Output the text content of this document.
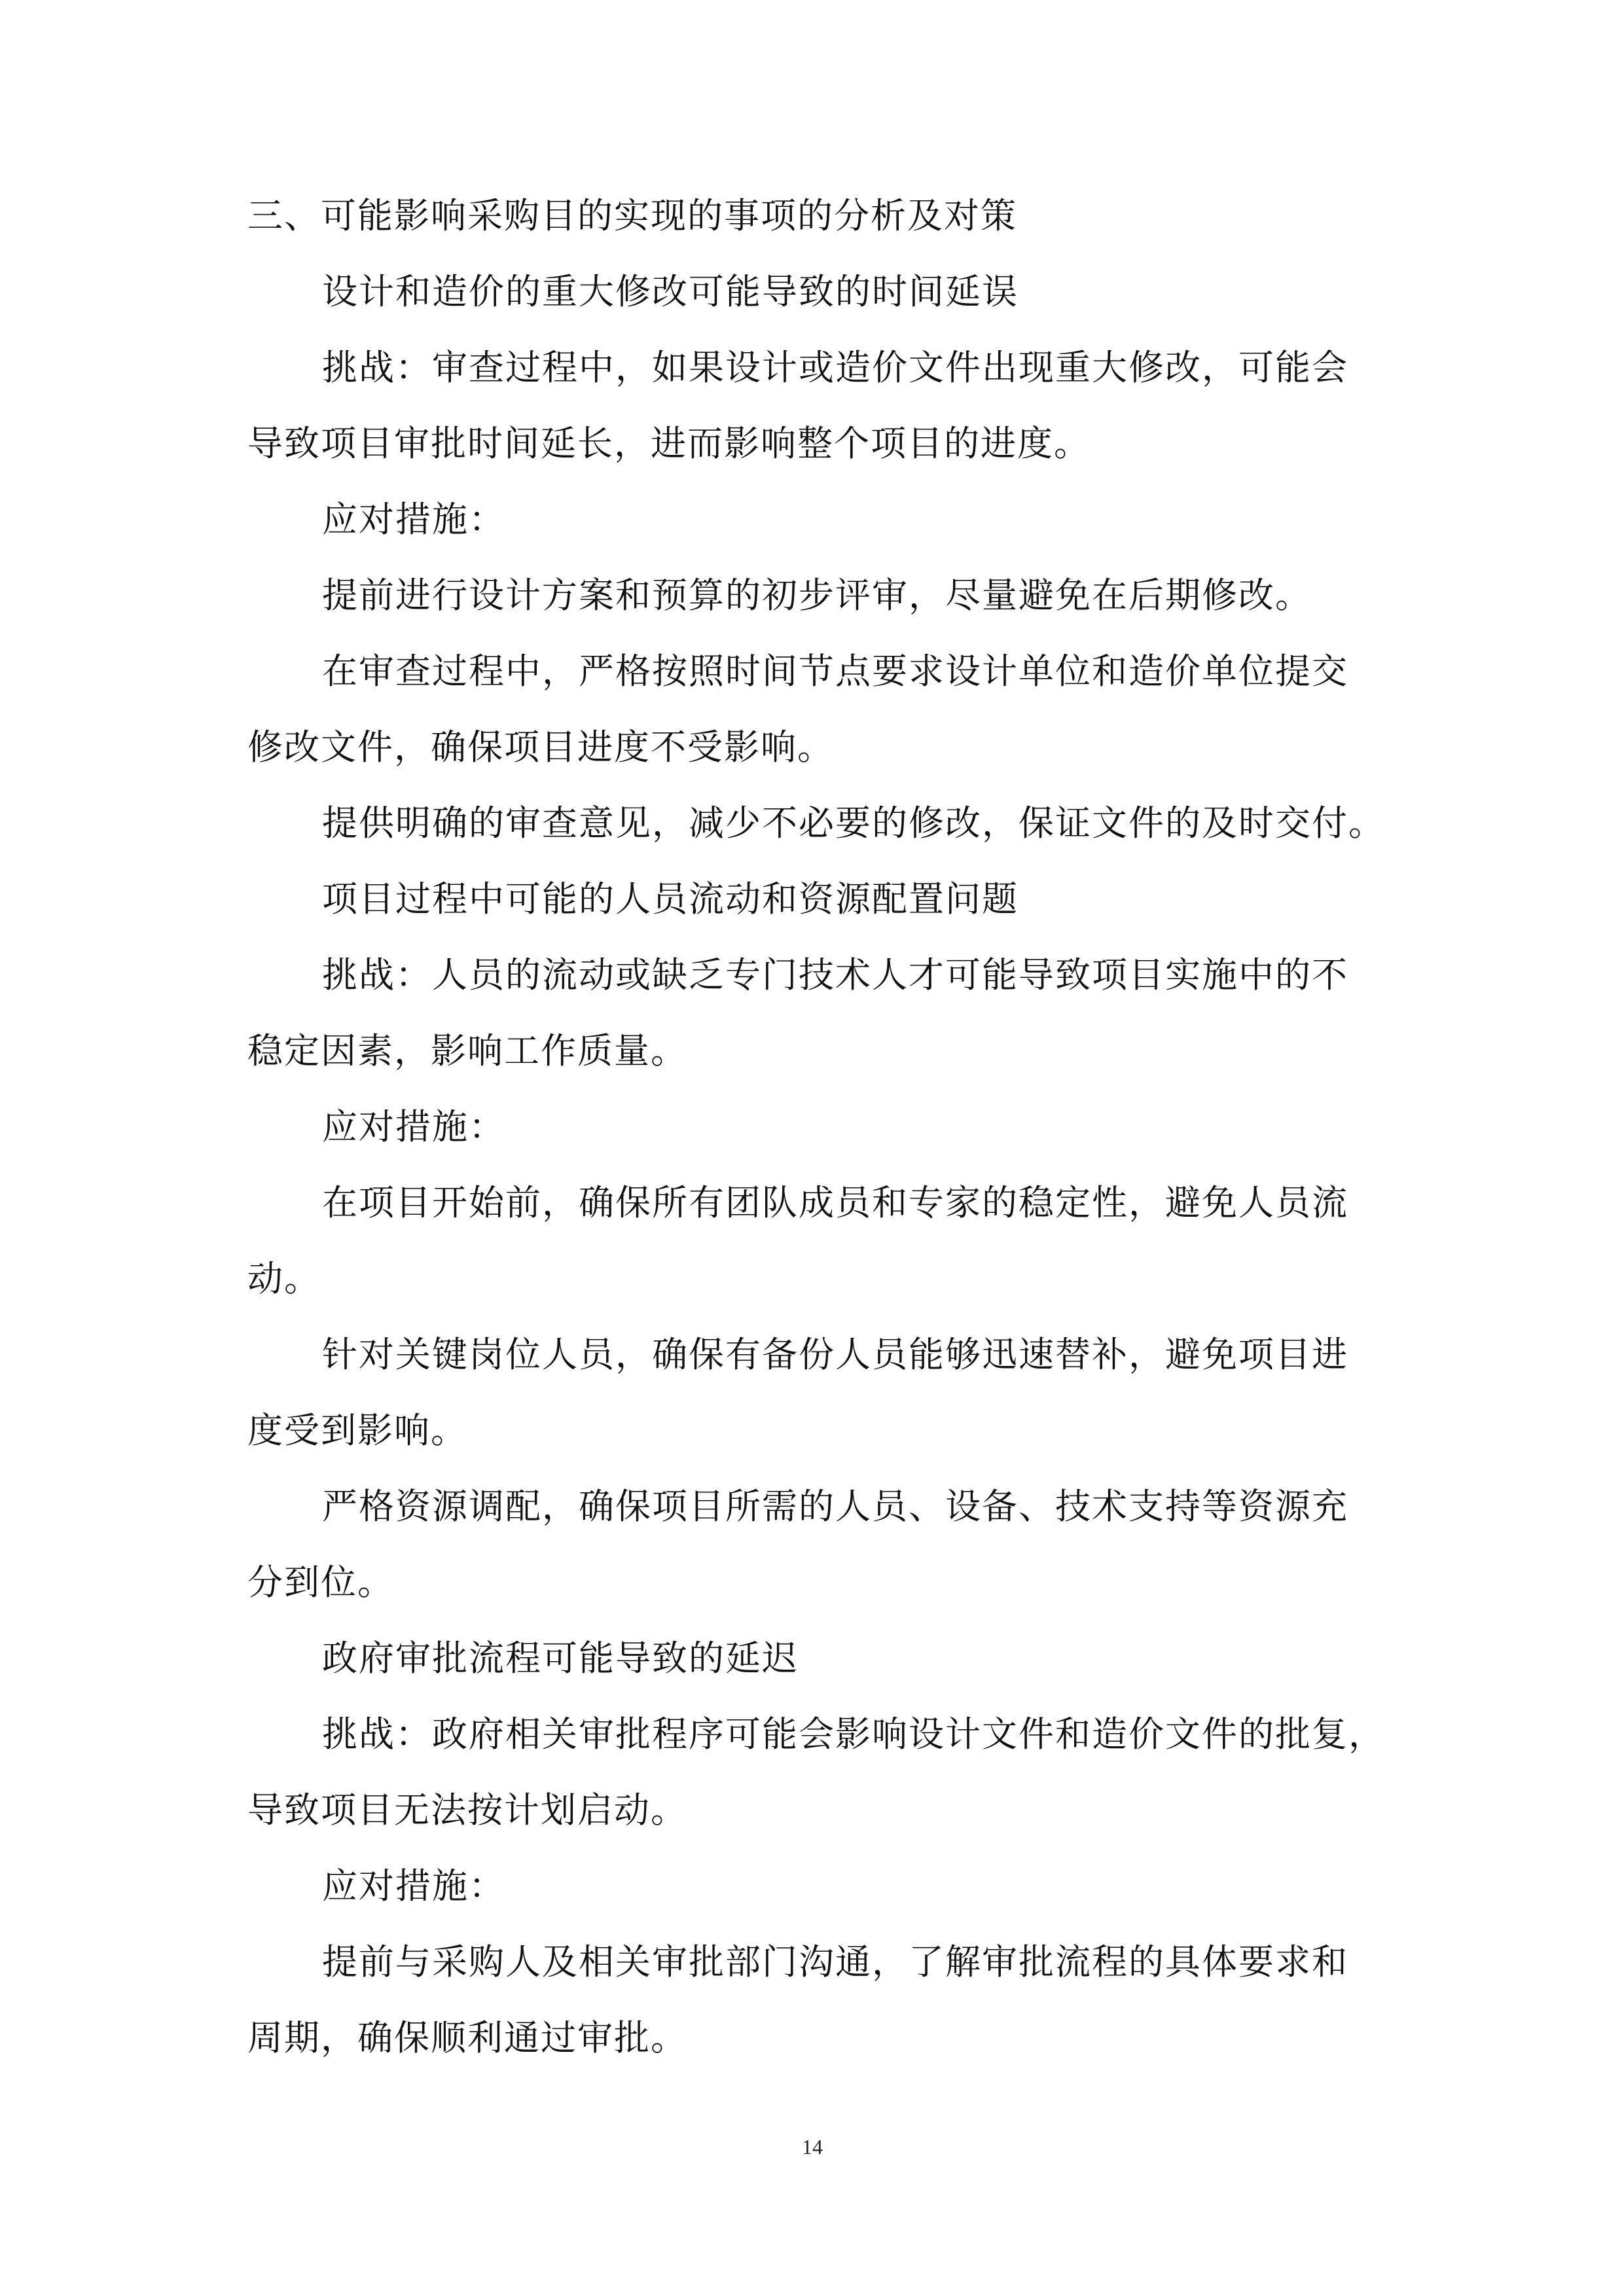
三、可能影响采购目的实现的事项的分析及对策
设计和造价的重大修改可能导致的时间延误
挑战：审查过程中，如果设计或造价文件出现重大修改，可能会
导致项目审批时间延长，进而影响整个项目的进度。
应对措施：
提前进行设计方案和预算的初步评审，尽量避免在后期修改。
在审查过程中，严格按照时间节点要求设计单位和造价单位提交
修改文件，确保项目进度不受影响。
提供明确的审查意见，减少不必要的修改，保证文件的及时交付。
项目过程中可能的人员流动和资源配置问题
挑战：人员的流动或缺乏专门技术人才可能导致项目实施中的不
稳定因素，影响工作质量。
应对措施：
在项目开始前，确保所有团队成员和专家的稳定性，避免人员流
动。
针对关键岗位人员，确保有备份人员能够迅速替补，避免项目进
度受到影响。
严格资源调配，确保项目所需的人员、设备、技术支持等资源充
分到位。
政府审批流程可能导致的延迟
挑战：政府相关审批程序可能会影响设计文件和造价文件的批复，
导致项目无法按计划启动。
应对措施：
提前与采购人及相关审批部门沟通，了解审批流程的具体要求和
周期，确保顺利通过审批。
14
